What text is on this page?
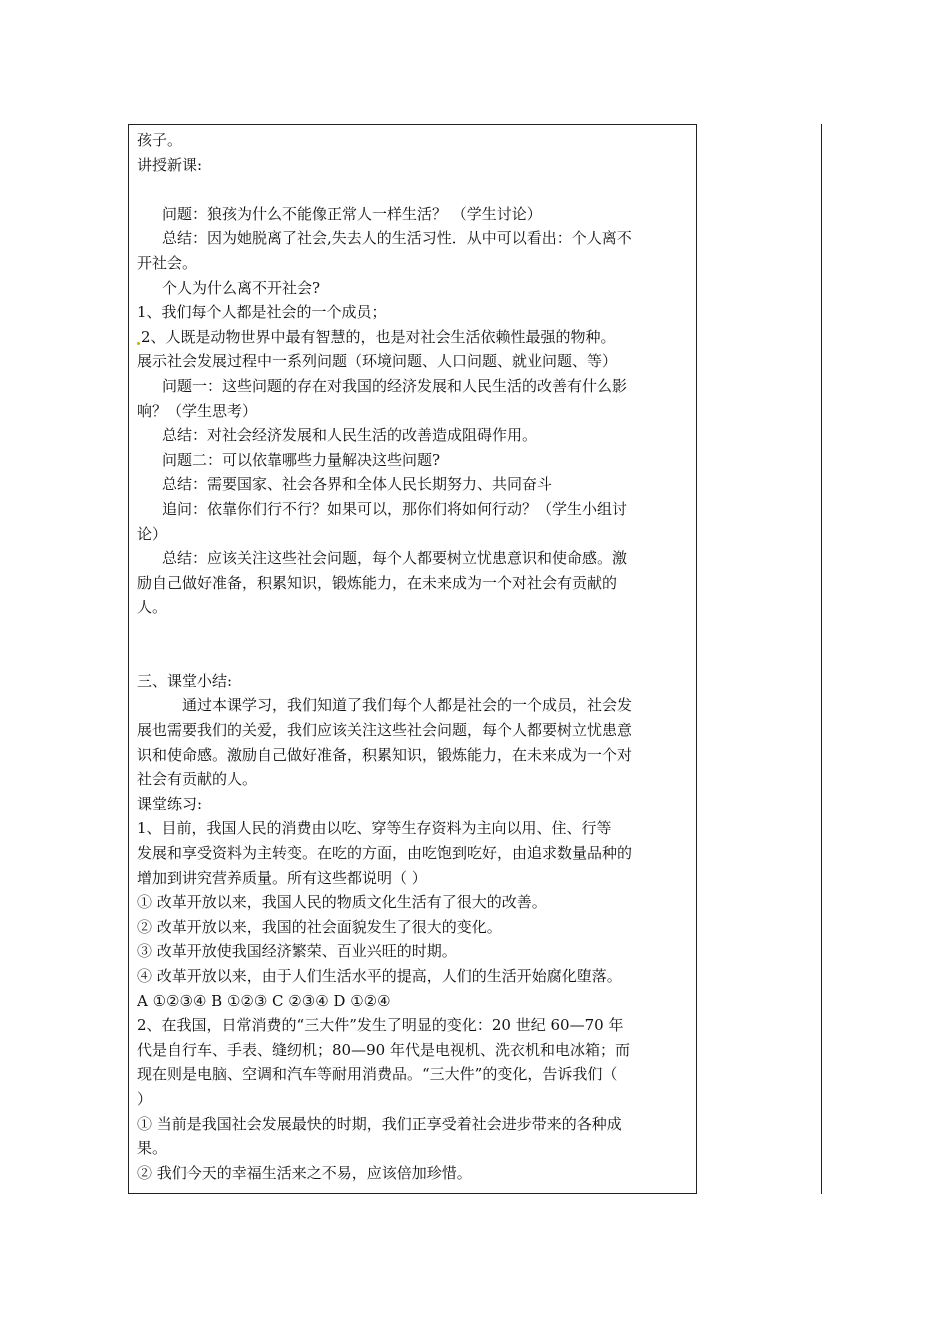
孩子。
讲授新课:
问题：狼孩为什么不能像正常人一样生活？ （学生讨论）
总结：因为她脱离了社会,失去人的生活习性．从中可以看出：个人离不
开社会。
个人为什么离不开社会?
1、我们每个人都是社会的一个成员；
2、人既是动物世界中最有智慧的，也是对社会生活依赖性最强的物种。
展示社会发展过程中一系列问题（环境问题、人口问题、就业问题、等）
问题一：这些问题的存在对我国的经济发展和人民生活的改善有什么影
响？（学生思考）
总结：对社会经济发展和人民生活的改善造成阻碍作用。
问题二：可以依靠哪些力量解决这些问题?
总结：需要国家、社会各界和全体人民长期努力、共同奋斗
追问：依靠你们行不行？如果可以，那你们将如何行动？（学生小组讨
论）
总结：应该关注这些社会问题，每个人都要树立忧患意识和使命感。激
励自己做好准备，积累知识，锻炼能力，在未来成为一个对社会有贡献的
人。
三、课堂小结:
通过本课学习，我们知道了我们每个人都是社会的一个成员，社会发
展也需要我们的关爱，我们应该关注这些社会问题，每个人都要树立忧患意
识和使命感。激励自己做好准备，积累知识，锻炼能力，在未来成为一个对
社会有贡献的人。
课堂练习:
1、目前，我国人民的消费由以吃、穿等生存资料为主向以用、住、行等
发展和享受资料为主转变。在吃的方面，由吃饱到吃好，由追求数量品种的
增加到讲究营养质量。所有这些都说明（ ）
① 改革开放以来，我国人民的物质文化生活有了很大的改善。
② 改革开放以来，我国的社会面貌发生了很大的变化。
③ 改革开放使我国经济繁荣、百业兴旺的时期。
④ 改革开放以来，由于人们生活水平的提高，人们的生活开始腐化堕落。
A ①②③④ B ①②③ C ②③④ D ①②④
2、在我国，日常消费的“三大件”发生了明显的变化：20 世纪 60—70 年
代是自行车、手表、缝纫机；80—90 年代是电视机、洗衣机和电冰箱；而
现在则是电脑、空调和汽车等耐用消费品。“三大件”的变化，告诉我们（
）
① 当前是我国社会发展最快的时期，我们正享受着社会进步带来的各种成
果。
② 我们今天的幸福生活来之不易，应该倍加珍惜。
